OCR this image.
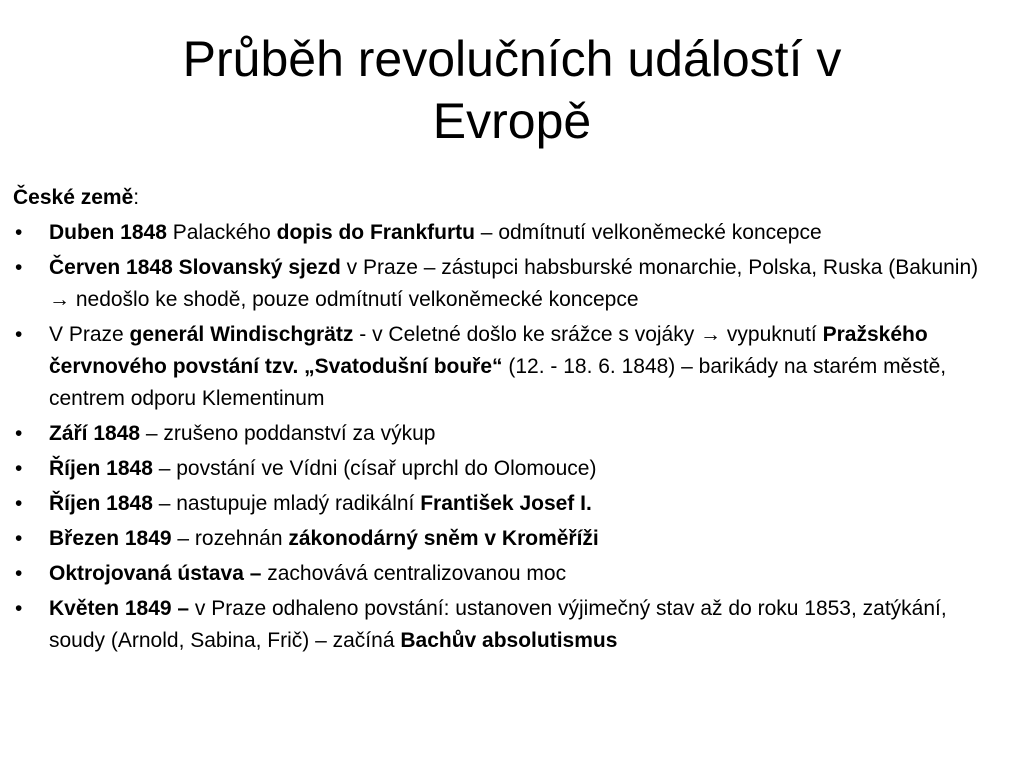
Průběh revolučních událostí v
Evropě
České země:
• Duben 1848 Palackého dopis do Frankfurtu – odmítnutí velkoněmecké koncepce
• Červen 1848 Slovanský sjezd v Praze – zástupci habsburské monarchie, Polska, Ruska (Bakunin) → nedošlo ke shodě, pouze odmítnutí velkoněmecké koncepce
• V Praze generál Windischgrätz - v Celetné došlo ke srážce s vojáky → vypuknutí Pražského červnového povstání tzv. „Svatodušní bouře“ (12. - 18. 6. 1848) – barikády na starém městě, centrem odporu Klementinum
• Září 1848 – zrušeno poddanství za výkup
• Říjen 1848 – povstání ve Vídni (císař uprchl do Olomouce)
• Říjen 1848 – nastupuje mladý radikální František Josef I.
• Březen 1849 – rozehnán zákonodárný sněm v Kroměříži
• Oktrojovaná ústava – zachovává centralizovanou moc
• Květen 1849 – v Praze odhaleno povstání: ustanoven výjimečný stav až do roku 1853, zatýkání, soudy (Arnold, Sabina, Frič) – začíná Bachův absolutismus
